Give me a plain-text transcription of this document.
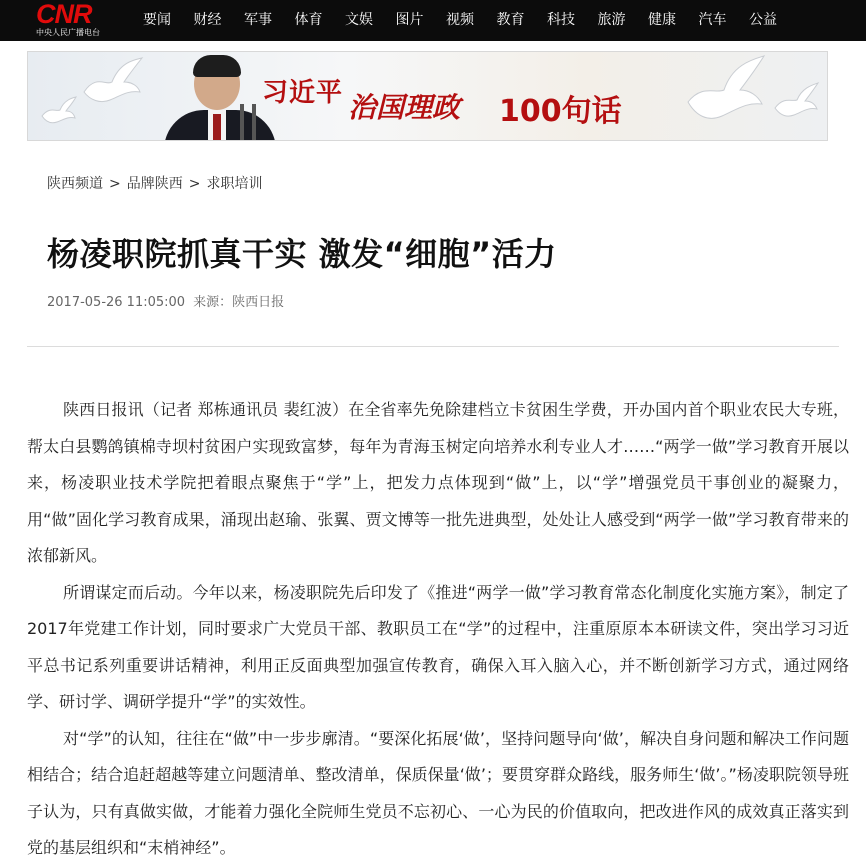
CNR
中央人民广播电台
要闻 财经 军事 体育 文娱 图片 视频 教育 科技 旅游 健康 汽车 公益
习近平 治国理政 100句话
陕西频道 > 品牌陕西 > 求职培训
杨凌职院抓真干实 激发“细胞”活力
2017-05-26 11:05:00 来源：陕西日报

陕西日报讯（记者 郑栋通讯员 裴红波）在全省率先免除建档立卡贫困生学费，开办国内首个职业农民大专班，帮太白县鹦鸽镇棉寺坝村贫困户实现致富梦，每年为青海玉树定向培养水利专业人才……“两学一做”学习教育开展以来，杨凌职业技术学院把着眼点聚焦于“学”上，把发力点体现到“做”上，以“学”增强党员干事创业的凝聚力，用“做”固化学习教育成果，涌现出赵瑜、张翼、贾文博等一批先进典型，处处让人感受到“两学一做”学习教育带来的浓郁新风。

所谓谋定而后动。今年以来，杨凌职院先后印发了《推进“两学一做”学习教育常态化制度化实施方案》，制定了2017年党建工作计划，同时要求广大党员干部、教职员工在“学”的过程中，注重原原本本研读文件，突出学习习近平总书记系列重要讲话精神，利用正反面典型加强宣传教育，确保入耳入脑入心，并不断创新学习方式，通过网络学、研讨学、调研学提升“学”的实效性。

对“学”的认知，往往在“做”中一步步廓清。“要深化拓展‘做’，坚持问题导向‘做’，解决自身问题和解决工作问题相结合；结合追赶超越等建立问题清单、整改清单，保质保量‘做’；要贯穿群众路线，服务师生‘做’。”杨凌职院领导班子认为，只有真做实做，才能着力强化全院师生党员不忘初心、一心为民的价值取向，把改进作风的成效真正落实到党的基层组织和“末梢神经”。
